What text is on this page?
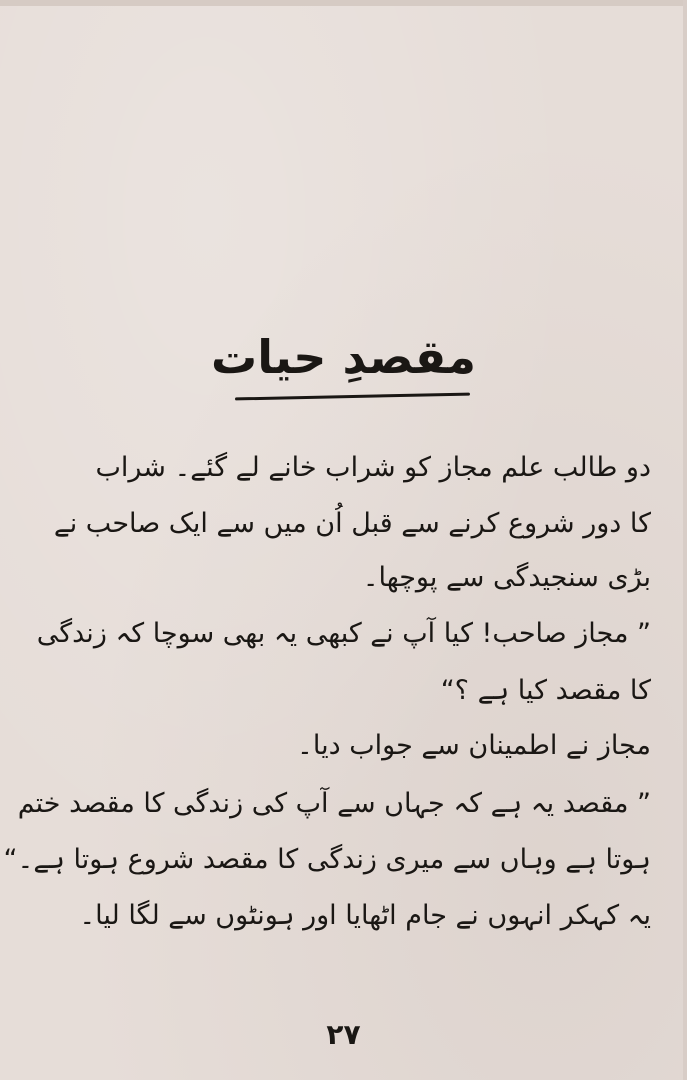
مقصدِ حیات
دو طالب علم مجاز کو شراب خانے لے گئے۔ شراب
کا دور شروع کرنے سے قبل اُن میں سے ایک صاحب نے
بڑی سنجیدگی سے پوچھا۔
” مجاز صاحب! کیا آپ نے کبھی یہ بھی سوچا کہ زندگی
کا مقصد کیا ہے ؟“
مجاز نے اطمینان سے جواب دیا۔
” مقصد یہ ہے کہ جہاں سے آپ کی زندگی کا مقصد ختم
ہوتا ہے وہاں سے میری زندگی کا مقصد شروع ہوتا ہے۔“
یہ کہکر انہوں نے جام اٹھایا اور ہونٹوں سے لگا لیا۔
۲۷
